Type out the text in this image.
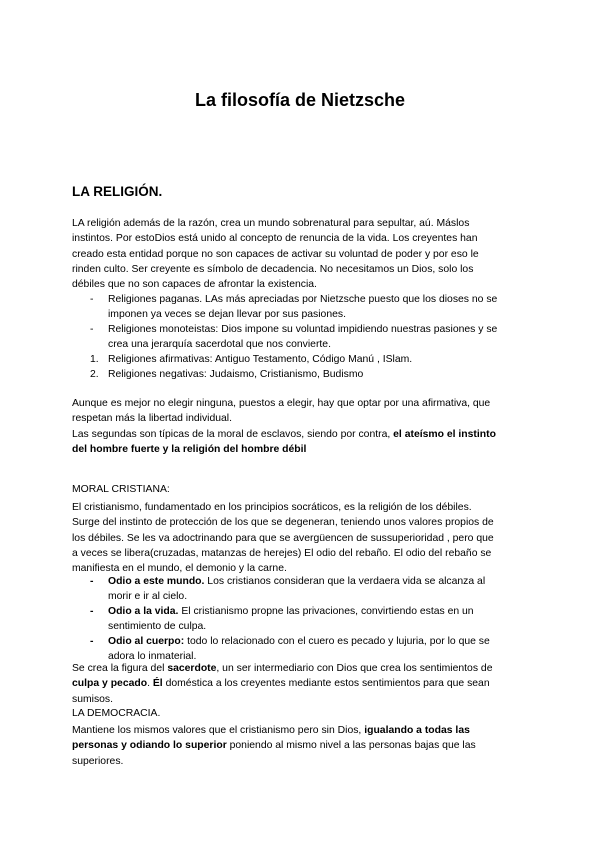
La filosofía de Nietzsche
LA RELIGIÓN.
LA religión además de la razón, crea un mundo sobrenatural para sepultar, aú. Máslos
instintos. Por estoDios está unido al concepto de renuncia de la vida. Los creyentes han
creado esta entidad porque no son capaces de activar su voluntad de poder y por eso le
rinden culto. Ser creyente es símbolo de decadencia. No necesitamos un Dios, solo los
débiles que no son capaces de afrontar la existencia.
-	Religiones paganas. LAs más apreciadas por Nietzsche puesto que los dioses no se
imponen ya veces se dejan llevar por sus pasiones.
-	Religiones monoteistas: Dios impone su voluntad impidiendo nuestras pasiones y se
crea una jerarquía sacerdotal que nos convierte.
1. Religiones afirmativas: Antiguo Testamento, Código Manú , ISlam.
2. Religiones negativas: Judaismo, Cristianismo, Budismo
Aunque es mejor no elegir ninguna, puestos a elegir, hay que optar por una afirmativa, que
respetan más la libertad individual.
Las segundas son típicas de la moral de esclavos, siendo por contra, el ateísmo el instinto
del hombre fuerte y la religión del hombre débil
MORAL CRISTIANA:
El cristianismo, fundamentado en los principios socráticos, es la religión de los débiles.
Surge del instinto de protección de los que se degeneran, teniendo unos valores propios de
los débiles. Se les va adoctrinando para que se avergüencen de sussuperioridad , pero que
a veces se libera(cruzadas, matanzas de herejes) El odio del rebaño. El odio del rebaño se
manifiesta en el mundo, el demonio y la carne.
-	Odio a este mundo. Los cristianos consideran que la verdaera vida se alcanza al
morir e ir al cielo.
-	Odio a la vida. El cristianismo propne las privaciones, convirtiendo estas en un
sentimiento de culpa.
-	Odio al cuerpo: todo lo relacionado con el cuero es pecado y lujuria, por lo que se
adora lo inmaterial.
Se crea la figura del sacerdote, un ser intermediario con Dios que crea los sentimientos de
culpa y pecado. Él doméstica a los creyentes mediante estos sentimientos para que sean
sumisos.
LA DEMOCRACIA.
Mantiene los mismos valores que el cristianismo pero sin Dios, igualando a todas las
personas y odiando lo superior poniendo al mismo nivel a las personas bajas que las
superiores.
